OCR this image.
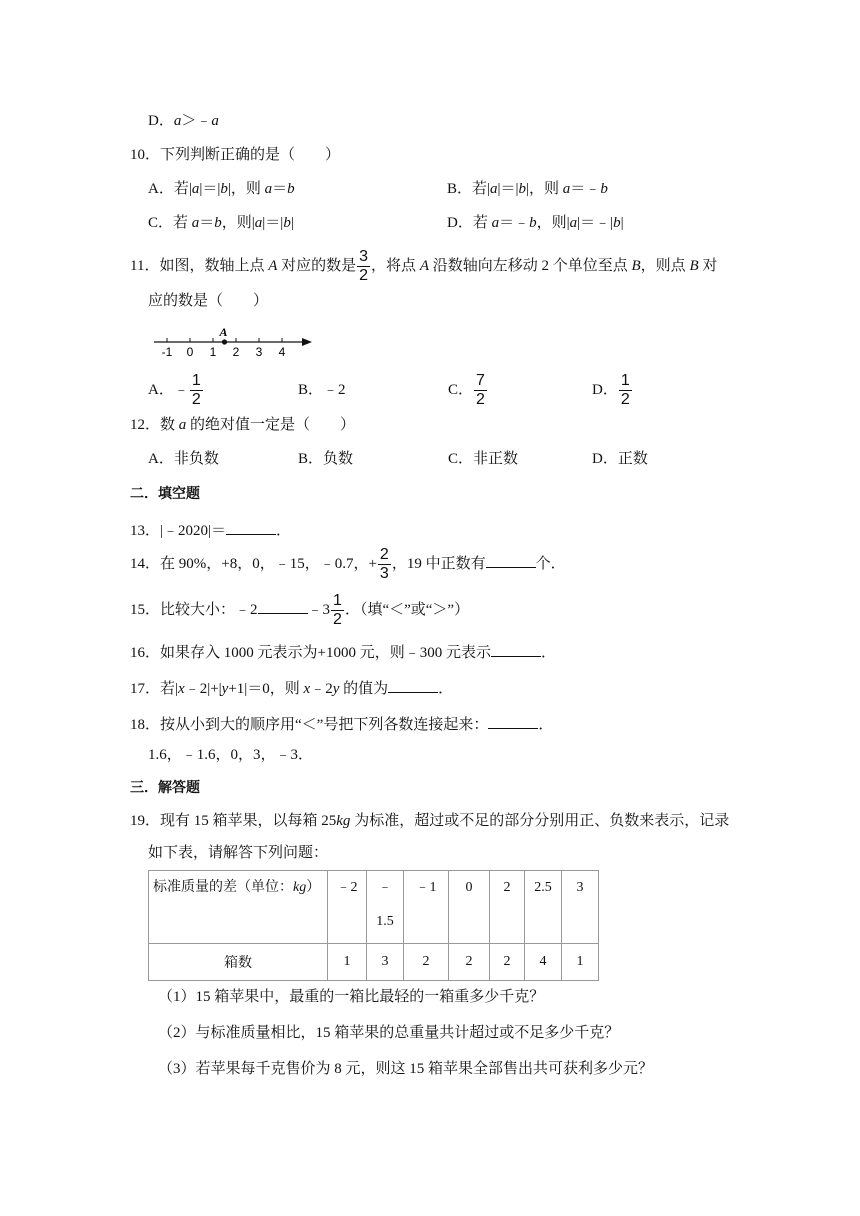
D．a＞﹣a
10．下列判断正确的是（　　）
A．若|a|＝|b|，则 a＝b	B．若|a|＝|b|，则 a＝﹣b
C．若 a＝b，则|a|＝|b|	D．若 a＝﹣b，则|a|＝﹣|b|
11．如图，数轴上点 A 对应的数是 $\frac{3}{2}$ ，将点 A 沿数轴向左移动 2 个单位至点 B，则点 B 对
应的数是（　　）
-1 0 1 2 3 4
A
A．﹣ $\frac{1}{2}$	B．﹣2	C． $\frac{7}{2}$	D． $\frac{1}{2}$
12．数 a 的绝对值一定是（　　）
A．非负数	B．负数	C．非正数	D．正数
二．填空题
13．|﹣2020|＝	．
14．在 90%，+8，0，﹣15，﹣0.7，+ $\frac{2}{3}$ ，19 中正数有	个．
15．比较大小：﹣2	﹣3 $\frac{1}{2}$ ．（填“＜”或“＞”）
16．如果存入 1000 元表示为+1000 元，则﹣300 元表示	．
17．若|x﹣2|+|y+1|＝0，则 x﹣2y 的值为	．
18．按从小到大的顺序用“＜”号把下列各数连接起来：	．
1.6，﹣1.6，0，3，﹣3．
三．解答题
19．现有 15 箱苹果，以每箱 25kg 为标准，超过或不足的部分分别用正、负数来表示，记录
如下表，请解答下列问题：
标准质量的差（单位：kg）	﹣2	﹣
1.5	﹣1	0	2	2.5	3
箱数	1	3	2	2	2	4	1
（1）15 箱苹果中，最重的一箱比最轻的一箱重多少千克？
（2）与标准质量相比，15 箱苹果的总重量共计超过或不足多少千克？
（3）若苹果每千克售价为 8 元，则这 15 箱苹果全部售出共可获利多少元？
